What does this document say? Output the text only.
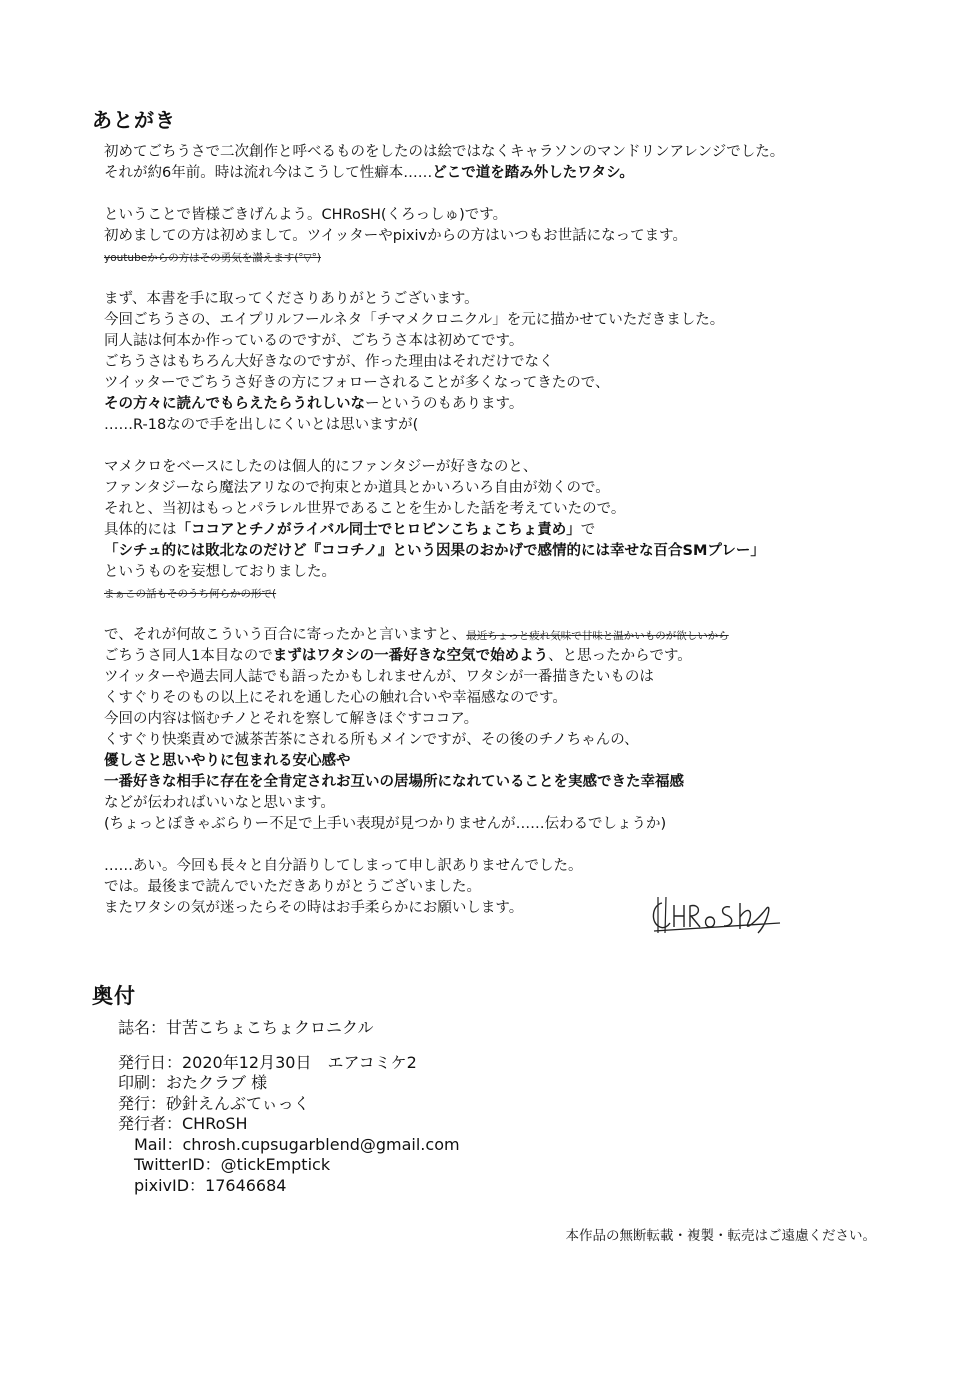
あとがき
初めてごちうさで二次創作と呼べるものをしたのは絵ではなくキャラソンのマンドリンアレンジでした。
それが約6年前。時は流れ今はこうして性癖本……どこで道を踏み外したワタシ。
ということで皆様ごきげんよう。CHRoSH(くろっしゅ)です。
初めましての方は初めまして。ツイッターやpixivからの方はいつもお世話になってます。
youtubeからの方はその勇気を讃えます(°▽°)
まず、本書を手に取ってくださりありがとうございます。
今回ごちうさの、エイプリルフールネタ「チマメクロニクル」を元に描かせていただきました。
同人誌は何本か作っているのですが、ごちうさ本は初めてです。
ごちうさはもちろん大好きなのですが、作った理由はそれだけでなく
ツイッターでごちうさ好きの方にフォローされることが多くなってきたので、
その方々に読んでもらえたらうれしいなーというのもあります。
……R-18なので手を出しにくいとは思いますが(
マメクロをベースにしたのは個人的にファンタジーが好きなのと、
ファンタジーなら魔法アリなので拘束とか道具とかいろいろ自由が効くので。
それと、当初はもっとパラレル世界であることを生かした話を考えていたので。
具体的には「ココアとチノがライバル同士でヒロピンこちょこちょ責め」で
「シチュ的には敗北なのだけど『ココチノ』という因果のおかげで感情的には幸せな百合SMプレー」
というものを妄想しておりました。
まぁこの話もそのうち何らかの形で(
で、それが何故こういう百合に寄ったかと言いますと、最近ちょっと疲れ気味で甘味と温かいものが欲しいから
ごちうさ同人1本目なのでまずはワタシの一番好きな空気で始めよう、と思ったからです。
ツイッターや過去同人誌でも語ったかもしれませんが、ワタシが一番描きたいものは
くすぐりそのもの以上にそれを通した心の触れ合いや幸福感なのです。
今回の内容は悩むチノとそれを察して解きほぐすココア。
くすぐり快楽責めで滅茶苦茶にされる所もメインですが、その後のチノちゃんの、
優しさと思いやりに包まれる安心感や
一番好きな相手に存在を全肯定されお互いの居場所になれていることを実感できた幸福感
などが伝わればいいなと思います。
(ちょっとぼきゃぶらりー不足で上手い表現が見つかりませんが……伝わるでしょうか)
……あい。今回も長々と自分語りしてしまって申し訳ありませんでした。
では。最後まで読んでいただきありがとうございました。
またワタシの気が迷ったらその時はお手柔らかにお願いします。
奥付
誌名：甘苦こちょこちょクロニクル
発行日：2020年12月30日　エアコミケ2
印刷：おたクラブ 様
発行：砂針えんぶてぃっく
発行者：CHRoSH
Mail：chrosh.cupsugarblend@gmail.com
TwitterID：@tickEmptick
pixivID：17646684
本作品の無断転載・複製・転売はご遠慮ください。
